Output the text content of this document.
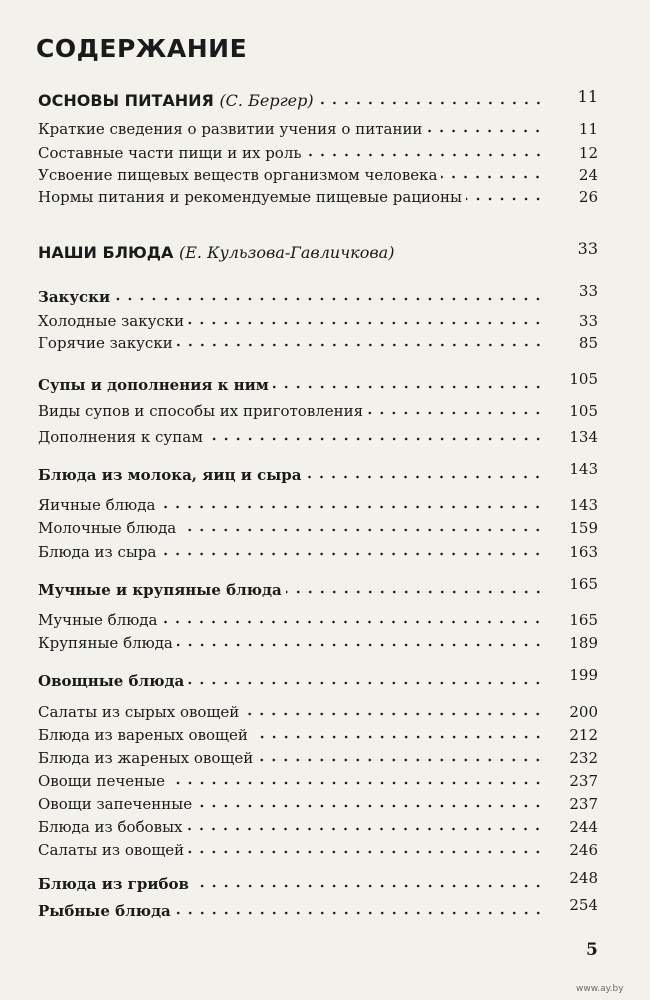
СОДЕРЖАНИЕ
ОСНОВЫ ПИТАНИЯ (С. Бергер)	11
Краткие сведения о развитии учения о питании	11
Составные части пищи и их роль	12
Усвоение пищевых веществ организмом человека	24
Нормы питания и рекомендуемые пищевые рационы	26
НАШИ БЛЮДА (Е. Кульзова-Гавличкова)	33
Закуски	33
Холодные закуски	33
Горячие закуски	85
Супы и дополнения к ним	105
Виды супов и способы их приготовления	105
Дополнения к супам	134
Блюда из молока, яиц и сыра	143
Яичные блюда	143
Молочные блюда	159
Блюда из сыра	163
Мучные и крупяные блюда	165
Мучные блюда	165
Крупяные блюда	189
Овощные блюда	199
Салаты из сырых овощей	200
Блюда из вареных овощей	212
Блюда из жареных овощей	232
Овощи печеные	237
Овощи запеченные	237
Блюда из бобовых	244
Салаты из овощей	246
Блюда из грибов	248
Рыбные блюда	254
5
www.ay.by
